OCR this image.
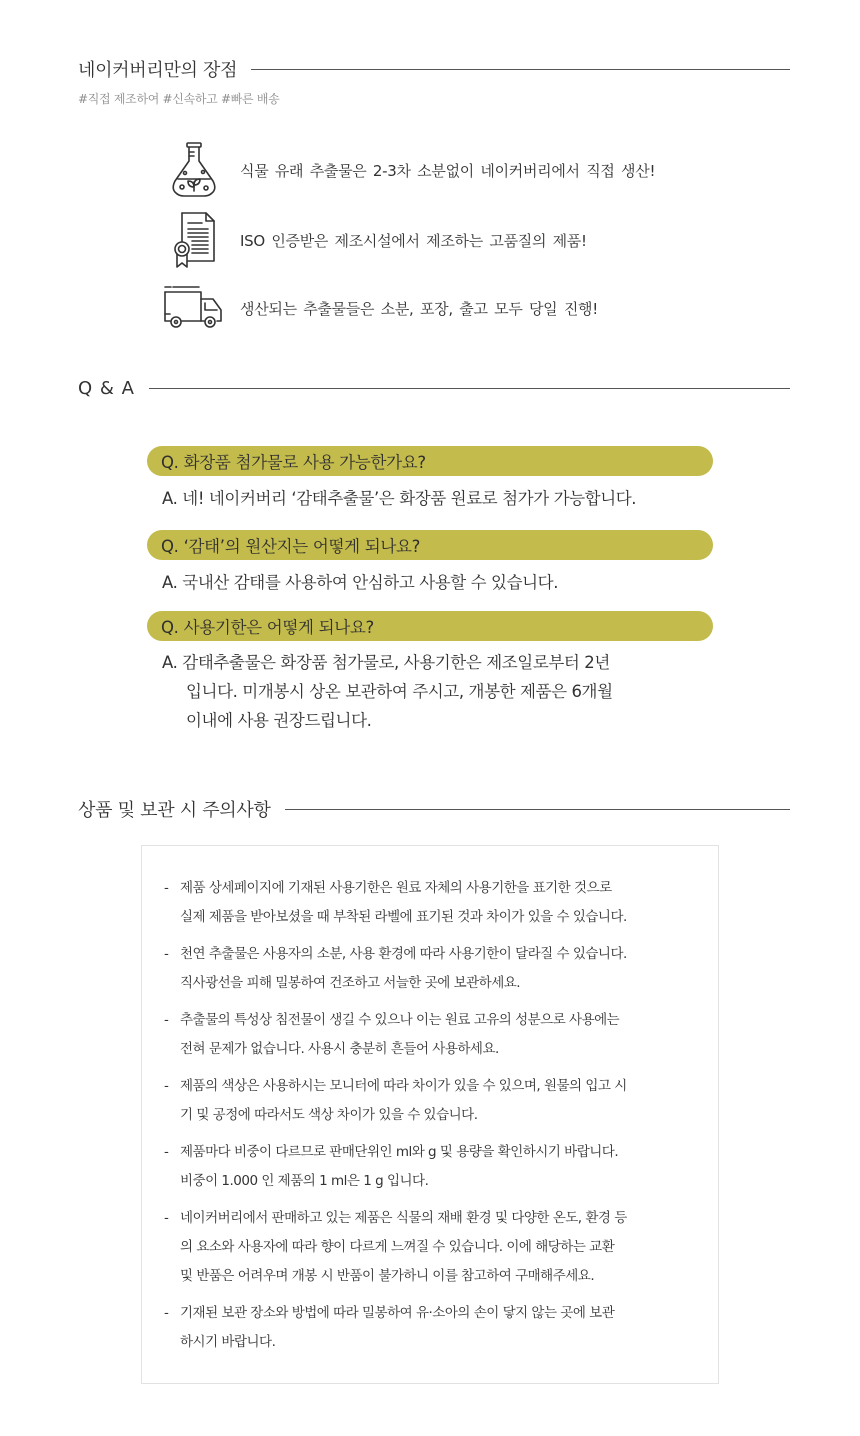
네이커버리만의 장점
#직접 제조하여 #신속하고 #빠른 배송
식물 유래 추출물은 2-3차 소분없이 네이커버리에서 직접 생산!
ISO 인증받은 제조시설에서 제조하는 고품질의 제품!
생산되는 추출물들은 소분, 포장, 출고 모두 당일 진행!
Q & A
Q. 화장품 첨가물로 사용 가능한가요?
A. 네! 네이커버리 ‘감태추출물’은 화장품 원료로 첨가가 가능합니다.
Q. ‘감태’의 원산지는 어떻게 되나요?
A. 국내산 감태를 사용하여 안심하고 사용할 수 있습니다.
Q. 사용기한은 어떻게 되나요?
A. 감태추출물은 화장품 첨가물로, 사용기한은 제조일로부터 2년
입니다. 미개봉시 상온 보관하여 주시고, 개봉한 제품은 6개월
이내에 사용 권장드립니다.
상품 및 보관 시 주의사항
- 제품 상세페이지에 기재된 사용기한은 원료 자체의 사용기한을 표기한 것으로
실제 제품을 받아보셨을 때 부착된 라벨에 표기된 것과 차이가 있을 수 있습니다.
- 천연 추출물은 사용자의 소분, 사용 환경에 따라 사용기한이 달라질 수 있습니다.
직사광선을 피해 밀봉하여 건조하고 서늘한 곳에 보관하세요.
- 추출물의 특성상 침전물이 생길 수 있으나 이는 원료 고유의 성분으로 사용에는
전혀 문제가 없습니다. 사용시 충분히 흔들어 사용하세요.
- 제품의 색상은 사용하시는 모니터에 따라 차이가 있을 수 있으며, 원물의 입고 시
기 및 공정에 따라서도 색상 차이가 있을 수 있습니다.
- 제품마다 비중이 다르므로 판매단위인 ml와 g 및 용량을 확인하시기 바랍니다.
비중이 1.000 인 제품의 1 ml은 1 g 입니다.
- 네이커버리에서 판매하고 있는 제품은 식물의 재배 환경 및 다양한 온도, 환경 등
의 요소와 사용자에 따라 향이 다르게 느껴질 수 있습니다. 이에 해당하는 교환
및 반품은 어려우며 개봉 시 반품이 불가하니 이를 참고하여 구매해주세요.
- 기재된 보관 장소와 방법에 따라 밀봉하여 유·소아의 손이 닿지 않는 곳에 보관
하시기 바랍니다.
